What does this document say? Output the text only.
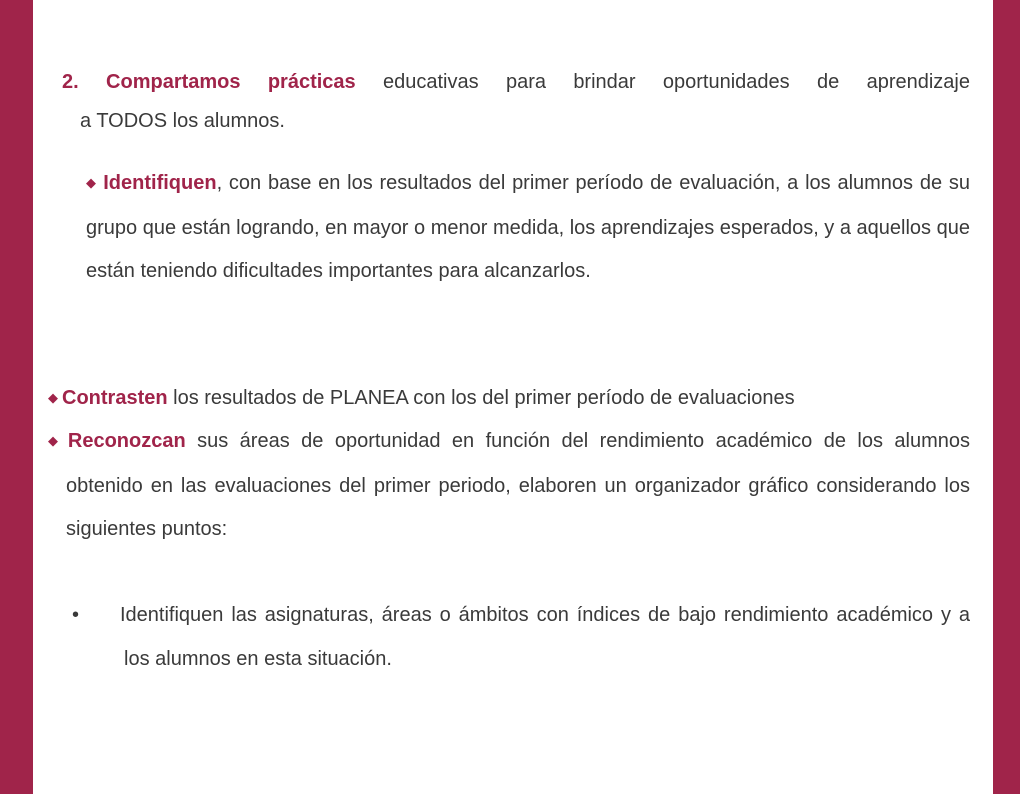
2. Compartamos prácticas educativas para brindar oportunidades de aprendizaje

a TODOS los alumnos.

◆ Identifiquen, con base en los resultados del primer período de evaluación, a los alumnos de su grupo que están logrando, en mayor o menor medida, los aprendizajes esperados, y a aquellos que están teniendo dificultades importantes para alcanzarlos.

◆ Contrasten los resultados de PLANEA con los del primer período de evaluaciones

◆ Reconozcan sus áreas de oportunidad en función del rendimiento académico de los alumnos obtenido en las evaluaciones del primer periodo, elaboren un organizador gráfico considerando los siguientes puntos:

• Identifiquen las asignaturas, áreas o ámbitos con índices de bajo rendimiento académico y a los alumnos en esta situación.
